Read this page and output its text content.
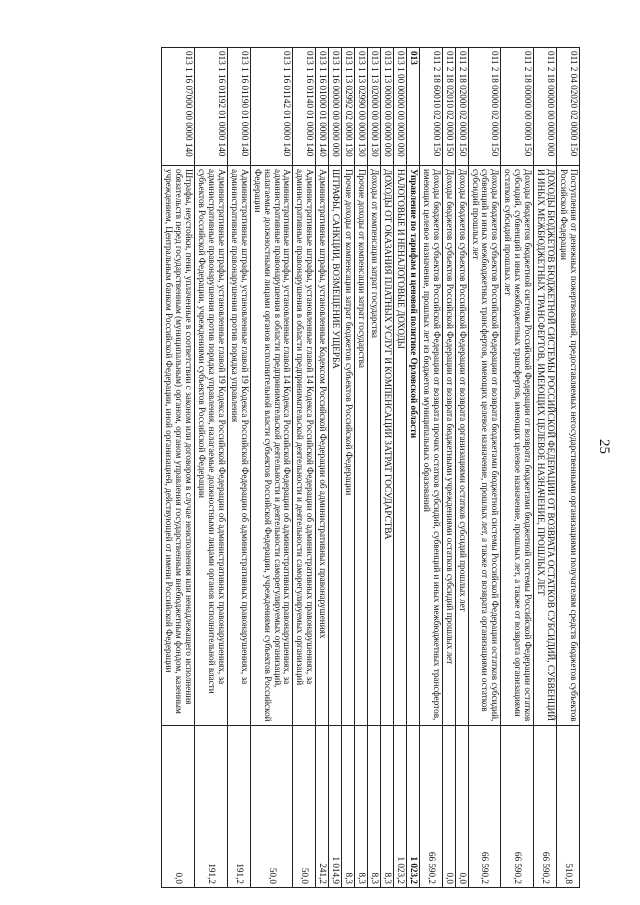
25
011 2 04 02020 02 0000 150	Поступления от денежных пожертвований, предоставляемых негосударственными организациями получателям средств бюджетов субъектов Российской Федерации	510,8
011 2 18 00000 00 0000 000	ДОХОДЫ БЮДЖЕТОВ БЮДЖЕТНОЙ СИСТЕМЫ РОССИЙСКОЙ ФЕДЕРАЦИИ ОТ ВОЗВРАТА ОСТАТКОВ СУБСИДИЙ, СУБВЕНЦИЙ И ИНЫХ МЕЖБЮДЖЕТНЫХ ТРАНСФЕРТОВ, ИМЕЮЩИХ ЦЕЛЕВОЕ НАЗНАЧЕНИЕ, ПРОШЛЫХ ЛЕТ	66 590,2
011 2 18 00000 00 0000 150	Доходы бюджетов бюджетной системы Российской Федерации от возврата бюджетами бюджетной системы Российской Федерации остатков субсидий, субвенций и иных межбюджетных трансфертов, имеющих целевое назначение, прошлых лет, а также от возврата организациями остатков субсидий прошлых лет	66 590,2
011 2 18 00000 02 0000 150	Доходы бюджетов субъектов Российской Федерации от возврата бюджетами бюджетной системы Российской Федерации остатков субсидий, субвенций и иных межбюджетных трансфертов, имеющих целевое назначение, прошлых лет, а также от возврата организациями остатков субсидий прошлых лет	66 590,2
011 2 18 02000 02 0000 150	Доходы бюджетов субъектов Российской Федерации от возврата организациями остатков субсидий прошлых лет	0,0
011 2 18 02010 02 0000 150	Доходы бюджетов субъектов Российской Федерации от возврата бюджетными учреждениями остатков субсидий прошлых лет	0,0
011 2 18 60010 02 0000 150	Доходы бюджетов субъектов Российской Федерации от возврата прочих остатков субсидий, субвенций и иных межбюджетных трансфертов, имеющих целевое назначение, прошлых лет из бюджетов муниципальных образований	66 590,2
013	Управление по тарифам и ценовой политике Орловской области	1 023,2
013 1 00 00000 00 0000 000	НАЛОГОВЫЕ И НЕНАЛОГОВЫЕ ДОХОДЫ	1 023,2
013 1 13 00000 00 0000 000	ДОХОДЫ ОТ ОКАЗАНИЯ ПЛАТНЫХ УСЛУГ И КОМПЕНСАЦИИ ЗАТРАТ ГОСУДАРСТВА	8,3
013 1 13 02000 00 0000 130	Доходы от компенсации затрат государства	8,3
013 1 13 02990 00 0000 130	Прочие доходы от компенсации затрат государства	8,3
013 1 13 02992 02 0000 130	Прочие доходы от компенсации затрат бюджетов субъектов Российской Федерации	8,3
013 1 16 00000 00 0000 000	ШТРАФЫ, САНКЦИИ, ВОЗМЕЩЕНИЕ УЩЕРБА	1 014,9
013 1 16 01000 01 0000 140	Административные штрафы, установленные Кодексом Российской Федерации об административных правонарушениях	241,2
013 1 16 01140 01 0000 140	Административные штрафы, установленные главой 14 Кодекса Российской Федерации об административных правонарушениях, за административные правонарушения в области предпринимательской деятельности и деятельности саморегулируемых организаций	50,0
013 1 16 01142 01 0000 140	Административные штрафы, установленные главой 14 Кодекса Российской Федерации об административных правонарушениях, за административные правонарушения в области предпринимательской деятельности и деятельности саморегулируемых организаций, налагаемые должностными лицами органов исполнительной власти субъектов Российской Федерации, учреждениями субъектов Российской Федерации	50,0
013 1 16 01190 01 0000 140	Административные штрафы, установленные главой 19 Кодекса Российской Федерации об административных правонарушениях, за административные правонарушения против порядка управления	191,2
013 1 16 01192 01 0000 140	Административные штрафы, установленные главой 19 Кодекса Российской Федерации об административных правонарушениях, за административные правонарушения против порядка управления, налагаемые должностными лицами органов исполнительной власти субъектов Российской Федерации, учреждениями субъектов Российской Федерации	191,2
013 1 16 07000 00 0000 140	Штрафы, неустойки, пени, уплаченные в соответствии с законом или договором в случае неисполнения или ненадлежащего исполнения обязательств перед государственным (муниципальным) органом, органом управления государственным внебюджетным фондом, казенным учреждением, Центральным банком Российской Федерации, иной организацией, действующей от имени Российской Федерации	0,0
